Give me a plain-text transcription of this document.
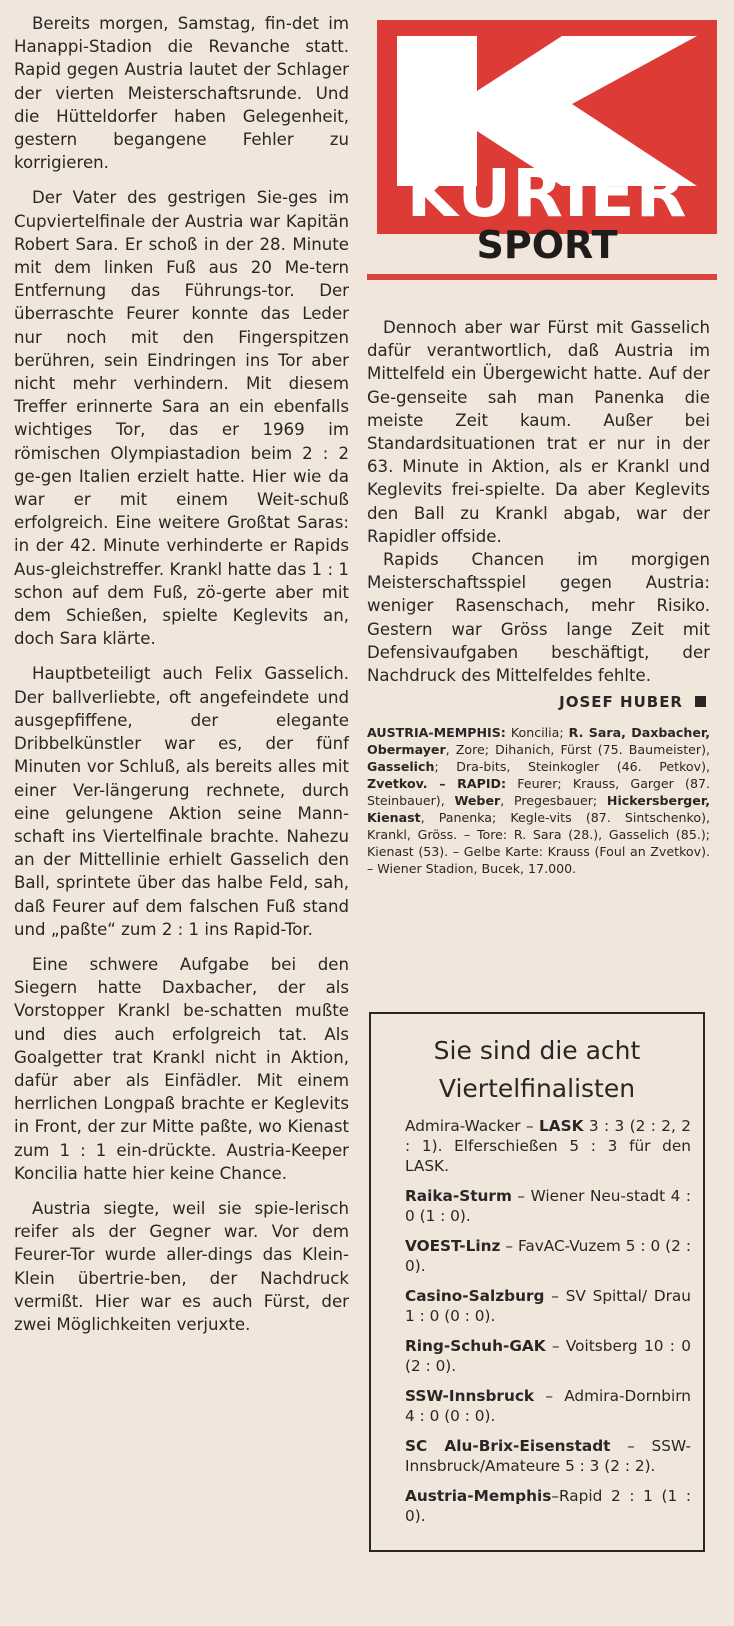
Bereits morgen, Samstag, fin-det im Hanappi-Stadion die Revanche statt. Rapid gegen Austria lautet der Schlager der vierten Meisterschaftsrunde. Und die Hütteldorfer haben Gelegenheit, gestern begangene Fehler zu korrigieren.

Der Vater des gestrigen Sie-ges im Cupviertelfinale der Austria war Kapitän Robert Sara. Er schoß in der 28. Minute mit dem linken Fuß aus 20 Me-tern Entfernung das Führungs-tor. Der überraschte Feurer konnte das Leder nur noch mit den Fingerspitzen berühren, sein Eindringen ins Tor aber nicht mehr verhindern. Mit diesem Treffer erinnerte Sara an ein ebenfalls wichtiges Tor, das er 1969 im römischen Olympiastadion beim 2 : 2 ge-gen Italien erzielt hatte. Hier wie da war er mit einem Weit-schuß erfolgreich. Eine weitere Großtat Saras: in der 42. Minute verhinderte er Rapids Aus-gleichstreffer. Krankl hatte das 1 : 1 schon auf dem Fuß, zö-gerte aber mit dem Schießen, spielte Keglevits an, doch Sara klärte.

Hauptbeteiligt auch Felix Gasselich. Der ballverliebte, oft angefeindete und ausgepfiffene, der elegante Dribbelkünstler war es, der fünf Minuten vor Schluß, als bereits alles mit einer Ver-längerung rechnete, durch eine gelungene Aktion seine Mann-schaft ins Viertelfinale brachte. Nahezu an der Mittellinie erhielt Gasselich den Ball, sprintete über das halbe Feld, sah, daß Feurer auf dem falschen Fuß stand und „paßte“ zum 2 : 1 ins Rapid-Tor.

Eine schwere Aufgabe bei den Siegern hatte Daxbacher, der als Vorstopper Krankl be-schatten mußte und dies auch erfolgreich tat. Als Goalgetter trat Krankl nicht in Aktion, dafür aber als Einfädler. Mit einem herrlichen Longpaß brachte er Keglevits in Front, der zur Mitte paßte, wo Kienast zum 1 : 1 ein-drückte. Austria-Keeper Koncilia hatte hier keine Chance.

Austria siegte, weil sie spie-lerisch reifer als der Gegner war. Vor dem Feurer-Tor wurde aller-dings das Klein-Klein übertrie-ben, der Nachdruck vermißt. Hier war es auch Fürst, der zwei Möglichkeiten verjuxte.

KURIER
SPORT

Dennoch aber war Fürst mit Gasselich dafür verantwortlich, daß Austria im Mittelfeld ein Übergewicht hatte. Auf der Ge-genseite sah man Panenka die meiste Zeit kaum. Außer bei Standardsituationen trat er nur in der 63. Minute in Aktion, als er Krankl und Keglevits frei-spielte. Da aber Keglevits den Ball zu Krankl abgab, war der Rapidler offside.

Rapids Chancen im morgigen Meisterschaftsspiel gegen Austria: weniger Rasenschach, mehr Risiko. Gestern war Gröss lange Zeit mit Defensivaufgaben beschäftigt, der Nachdruck des Mittelfeldes fehlte.

JOSEF HUBER
AUSTRIA-MEMPHIS: Koncilia; R. Sara, Daxbacher, Obermayer, Zore; Dihanich, Fürst (75. Baumeister), Gasselich; Dra-bits, Steinkogler (46. Petkov), Zvetkov. – RAPID: Feurer; Krauss, Garger (87. Steinbauer), Weber, Pregesbauer; Hickersberger, Kienast, Panenka; Kegle-vits (87. Sintschenko), Krankl, Gröss. – Tore: R. Sara (28.), Gasselich (85.); Kienast (53). – Gelbe Karte: Krauss (Foul an Zvetkov). – Wiener Stadion, Bucek, 17.000.
Sie sind die acht
Viertelfinalisten
Admira-Wacker – LASK 3 : 3 (2 : 2, 2 : 1). Elferschießen 5 : 3 für den LASK.
Raika-Sturm – Wiener Neu-stadt 4 : 0 (1 : 0).
VOEST-Linz – FavAC-Vuzem 5 : 0 (2 : 0).
Casino-Salzburg – SV Spittal/ Drau 1 : 0 (0 : 0).
Ring-Schuh-GAK – Voitsberg 10 : 0 (2 : 0).
SSW-Innsbruck – Admira-Dornbirn 4 : 0 (0 : 0).
SC Alu-Brix-Eisenstadt – SSW-Innsbruck/Amateure 5 : 3 (2 : 2).
Austria-Memphis–Rapid 2 : 1 (1 : 0).
